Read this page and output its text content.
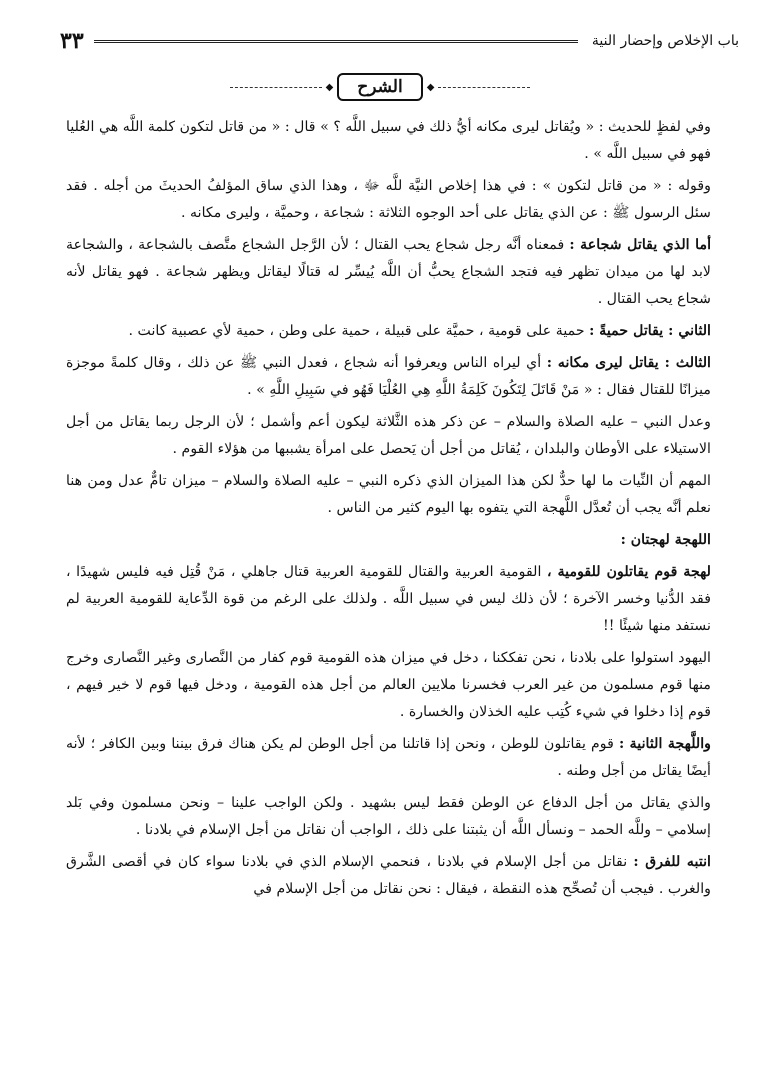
باب الإخلاص وإحضار النية
٣٣
◆
الشرح
◆

وفي لفظٍ للحديث : « ويُقاتل ليرى مكانه أيُّ ذلك في سبيل اللَّه ؟ » قال : « من قاتل لتكون كلمة اللَّه هي العُليا فهو في سبيل اللَّه » .

وقوله : « من قاتل لتكون » : في هذا إخلاص النيَّة للَّه ﷻ ، وهذا الذي ساق المؤلفُ الحديثَ من أجله . فقد سئل الرسول ﷺ : عن الذي يقاتل على أحد الوجوه الثلاثة : شجاعة ، وحميَّة ، وليرى مكانه .

أما الذي يقاتل شجاعة : فمعناه أنَّه رجل شجاع يحب القتال ؛ لأن الرَّجل الشجاع متَّصف بالشجاعة ، والشجاعة لابد لها من ميدان تظهر فيه فتجد الشجاع يحبُّ أن اللَّه يُيسِّر له قتالًا ليقاتل ويظهر شجاعة . فهو يقاتل لأنه شجاع يحب القتال .

الثاني : يقاتل حميةً : حمية على قومية ، حميَّة على قبيلة ، حمية على وطن ، حمية لأي عصبية كانت .

الثالث : يقاتل ليرى مكانه : أي ليراه الناس ويعرفوا أنه شجاع ، فعدل النبي ﷺ عن ذلك ، وقال كلمةً موجزة ميزانًا للقتال فقال : « مَنْ قَاتَلَ لِتَكُونَ كَلِمَةُ اللَّهِ هِي العُلْيَا فَهُو في سَبِيلِ اللَّهِ » .

وعدل النبي – عليه الصلاة والسلام – عن ذكر هذه الثَّلاثة ليكون أعم وأشمل ؛ لأن الرجل ربما يقاتل من أجل الاستيلاء على الأوطان والبلدان ، يُقاتل من أجل أن يَحصل على امرأة يشببها من هؤلاء القوم .

المهم أن النِّيات ما لها حدٌّ لكن هذا الميزان الذي ذكره النبي – عليه الصلاة والسلام – ميزان تامٌّ عدل ومن هنا نعلم أنَّه يجب أن تُعدَّل اللَّهجة التي يتفوه بها اليوم كثير من الناس .

اللهجة لهجتان :

لهجة قوم يقاتلون للقومية ، القومية العربية والقتال للقومية العربية قتال جاهلي ، مَنْ قُتِل فيه فليس شهيدًا ، فقد الدُّنيا وخسر الآخرة ؛ لأن ذلك ليس في سبيل اللَّه . ولذلك على الرغم من قوة الدِّعاية للقومية العربية لم نستفد منها شيئًا !!

اليهود استولوا على بلادنا ، نحن تفككنا ، دخل في ميزان هذه القومية قوم كفار من النَّصارى وغير النَّصارى وخرج منها قوم مسلمون من غير العرب فخسرنا ملايين العالم من أجل هذه القومية ، ودخل فيها قوم لا خير فيهم ، قوم إذا دخلوا في شيء كُتِب عليه الخذلان والخسارة .

واللَّهجة الثانية : قوم يقاتلون للوطن ، ونحن إذا قاتلنا من أجل الوطن لم يكن هناك فرق بيننا وبين الكافر ؛ لأنه أيضًا يقاتل من أجل وطنه .

والذي يقاتل من أجل الدفاع عن الوطن فقط ليس بشهيد . ولكن الواجب علينا – ونحن مسلمون وفي بَلد إسلامي – وللَّه الحمد – ونسأل اللَّه أن يثبتنا على ذلك ، الواجب أن نقاتل من أجل الإسلام في بلادنا .

انتبه للفرق : نقاتل من أجل الإسلام في بلادنا ، فنحمي الإسلام الذي في بلادنا سواء كان في أقصى الشَّرق والغرب . فيجب أن تُصحِّح هذه النقطة ، فيقال : نحن نقاتل من أجل الإسلام في
